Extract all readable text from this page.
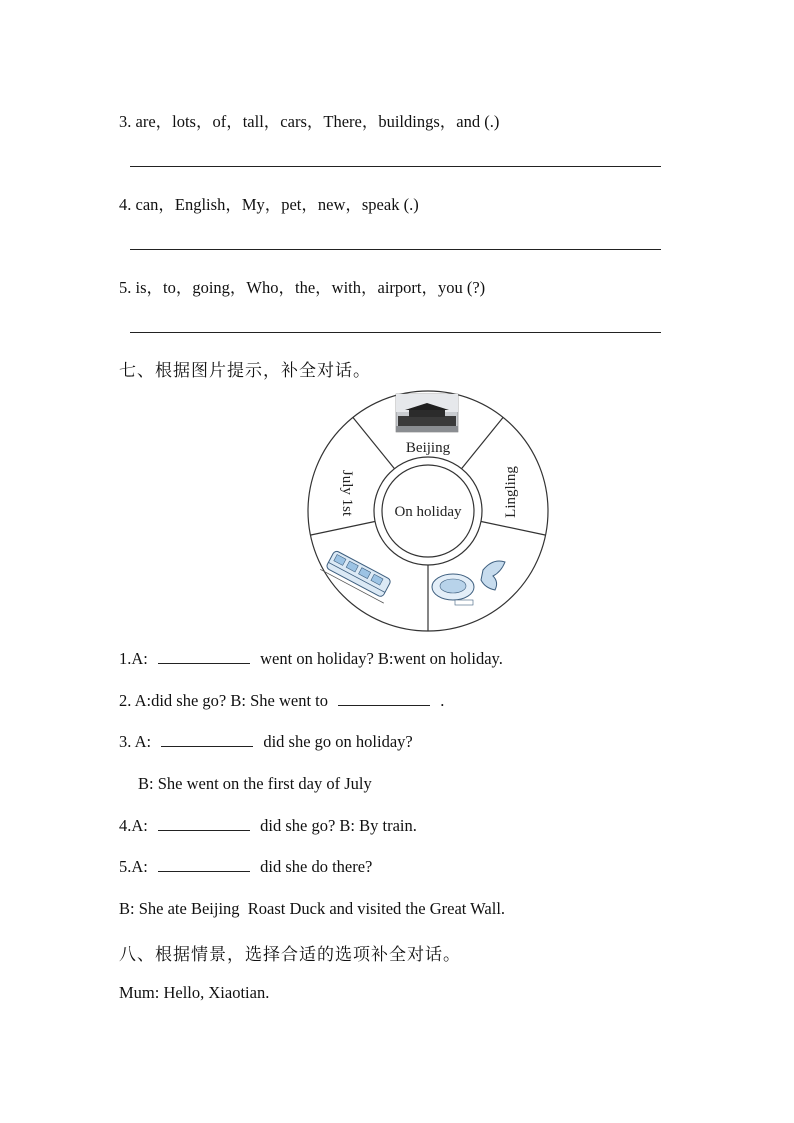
3. are，lots，of，tall，cars，There，buildings，and (.)
4. can，English，My，pet，new，speak (.)
5. is，to，going，Who，the，with，airport，you (?)
七、根据图片提示，补全对话。
Beijing
July 1st	Lingling
On holiday
1.A:	went on holiday? B:went on holiday.
2. A:did she go? B: She went to	.
3. A:	did she go on holiday?
B: She went on the first day of July
4.A:	did she go? B: By train.
5.A:	did she do there?
B: She ate Beijing  Roast Duck and visited the Great Wall.
八、根据情景，选择合适的选项补全对话。
Mum: Hello, Xiaotian.
